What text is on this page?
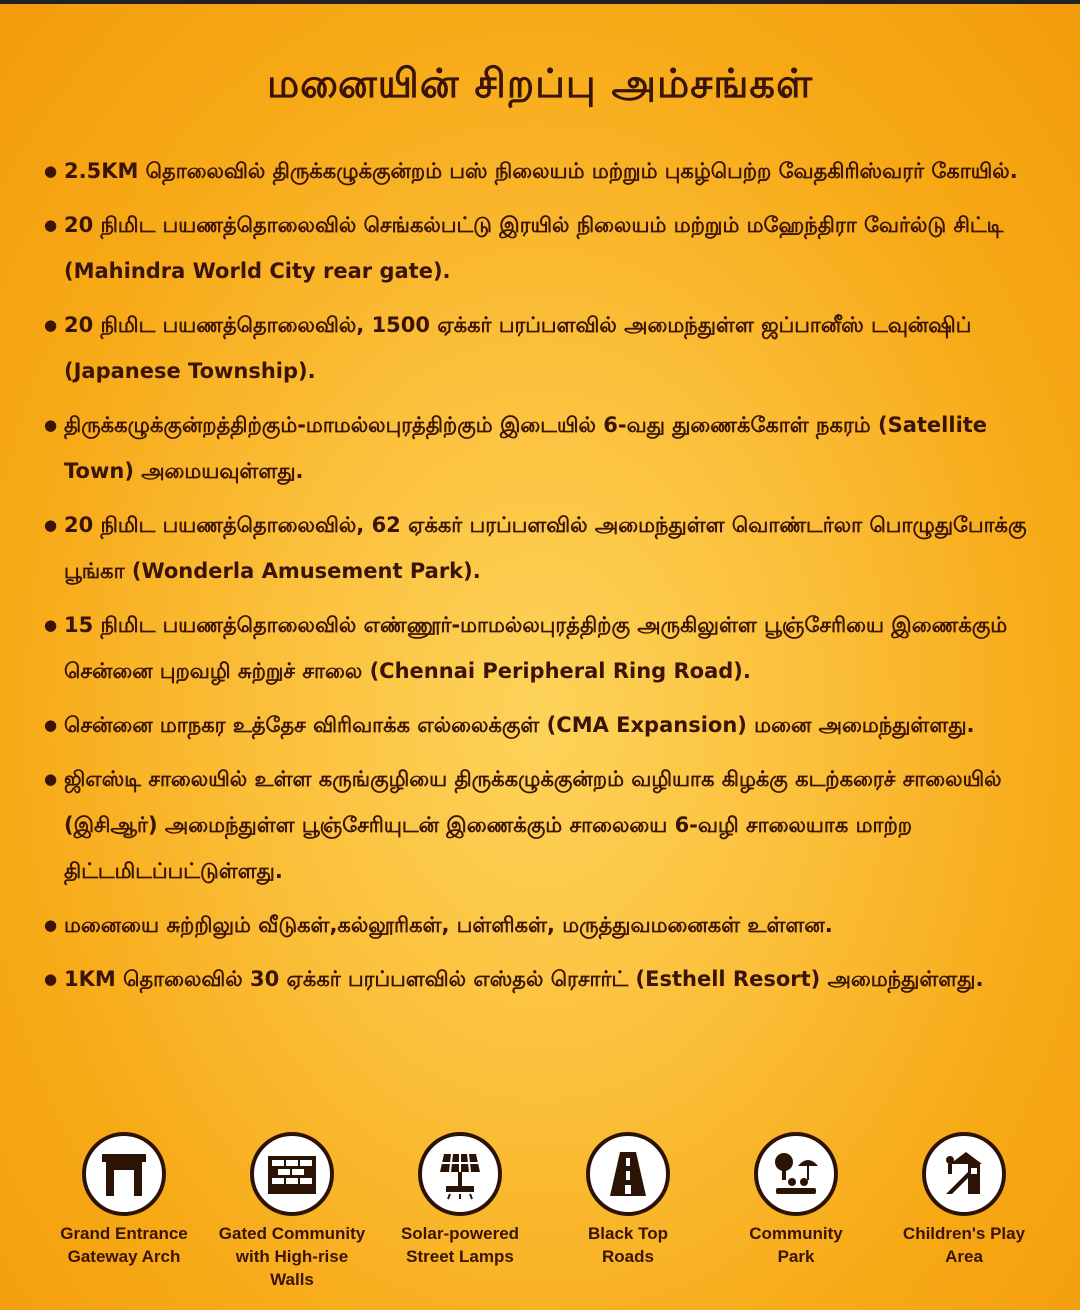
மனையின் சிறப்பு அம்சங்கள்
● 2.5KM தொலைவில் திருக்கழுக்குன்றம் பஸ் நிலையம் மற்றும் புகழ்பெற்ற வேதகிரிஸ்வரர் கோயில்.
● 20 நிமிட பயணத்தொலைவில் செங்கல்பட்டு இரயில் நிலையம் மற்றும் மஹேந்திரா வேர்ல்டு சிட்டி (Mahindra World City rear gate).
● 20 நிமிட பயணத்தொலைவில், 1500 ஏக்கர் பரப்பளவில் அமைந்துள்ள ஜப்பானீஸ் டவுன்ஷிப் (Japanese Township).
● திருக்கழுக்குன்றத்திற்கும்-மாமல்லபுரத்திற்கும் இடையில் 6-வது துணைக்கோள் நகரம் (Satellite Town) அமையவுள்ளது.
● 20 நிமிட பயணத்தொலைவில், 62 ஏக்கர் பரப்பளவில் அமைந்துள்ள வொண்டர்லா பொழுதுபோக்கு பூங்கா (Wonderla Amusement Park).
● 15 நிமிட பயணத்தொலைவில் எண்ணூர்-மாமல்லபுரத்திற்கு அருகிலுள்ள பூஞ்சேரியை இணைக்கும் சென்னை புறவழி சுற்றுச் சாலை (Chennai Peripheral Ring Road).
● சென்னை மாநகர உத்தேச விரிவாக்க எல்லைக்குள் (CMA Expansion) மனை அமைந்துள்ளது.
● ஜிஎஸ்டி சாலையில் உள்ள கருங்குழியை திருக்கழுக்குன்றம் வழியாக கிழக்கு கடற்கரைச் சாலையில் (இசிஆர்) அமைந்துள்ள பூஞ்சேரியுடன் இணைக்கும் சாலையை 6-வழி சாலையாக மாற்ற திட்டமிடப்பட்டுள்ளது.
● மனையை சுற்றிலும் வீடுகள்,கல்லூரிகள், பள்ளிகள், மருத்துவமனைகள் உள்ளன.
● 1KM தொலைவில் 30 ஏக்கர் பரப்பளவில் எஸ்தல் ரெசார்ட் (Esthell Resort) அமைந்துள்ளது.
Grand Entrance
Gateway Arch
Gated Community
with High-rise Walls
Solar-powered
Street Lamps
Black Top
Roads
Community
Park
Children's Play
Area
